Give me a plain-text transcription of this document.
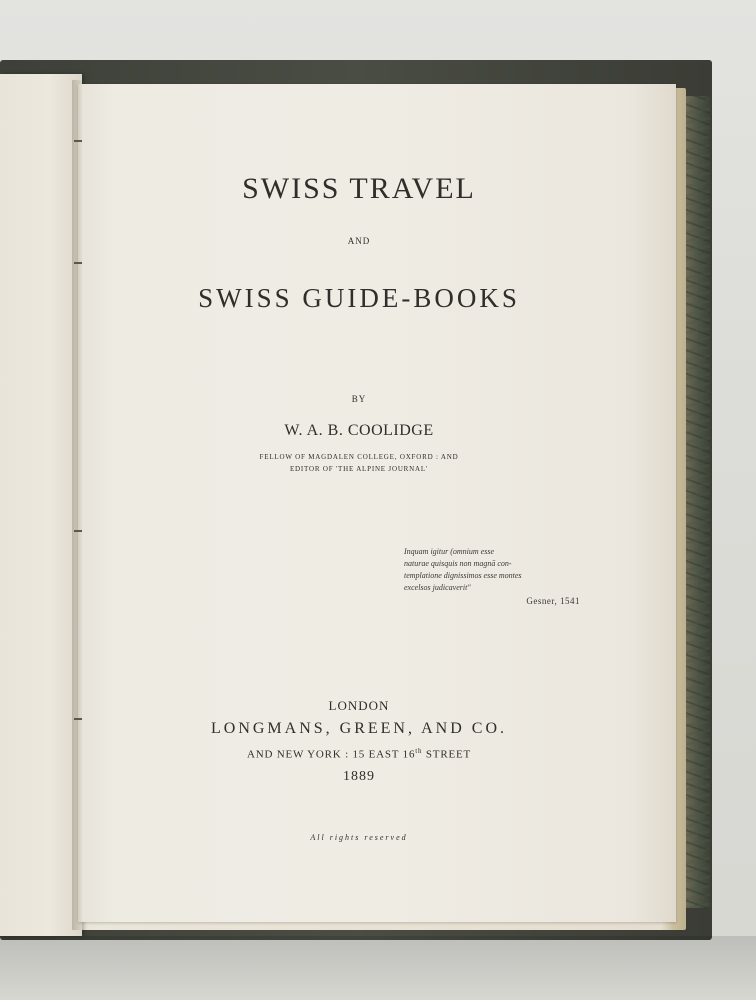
SWISS TRAVEL
AND
SWISS GUIDE-BOOKS
BY
W. A. B. COOLIDGE
FELLOW OF MAGDALEN COLLEGE, OXFORD : AND
EDITOR OF 'THE ALPINE JOURNAL'
Inquam igitur (omnium esse
naturae quisquis non magnā con-
templatione dignissimos esse montes
excelsos judicaverit"
Gesner, 1541
LONDON
LONGMANS, GREEN, AND CO.
AND NEW YORK : 15 EAST 16th STREET
1889
All rights reserved
